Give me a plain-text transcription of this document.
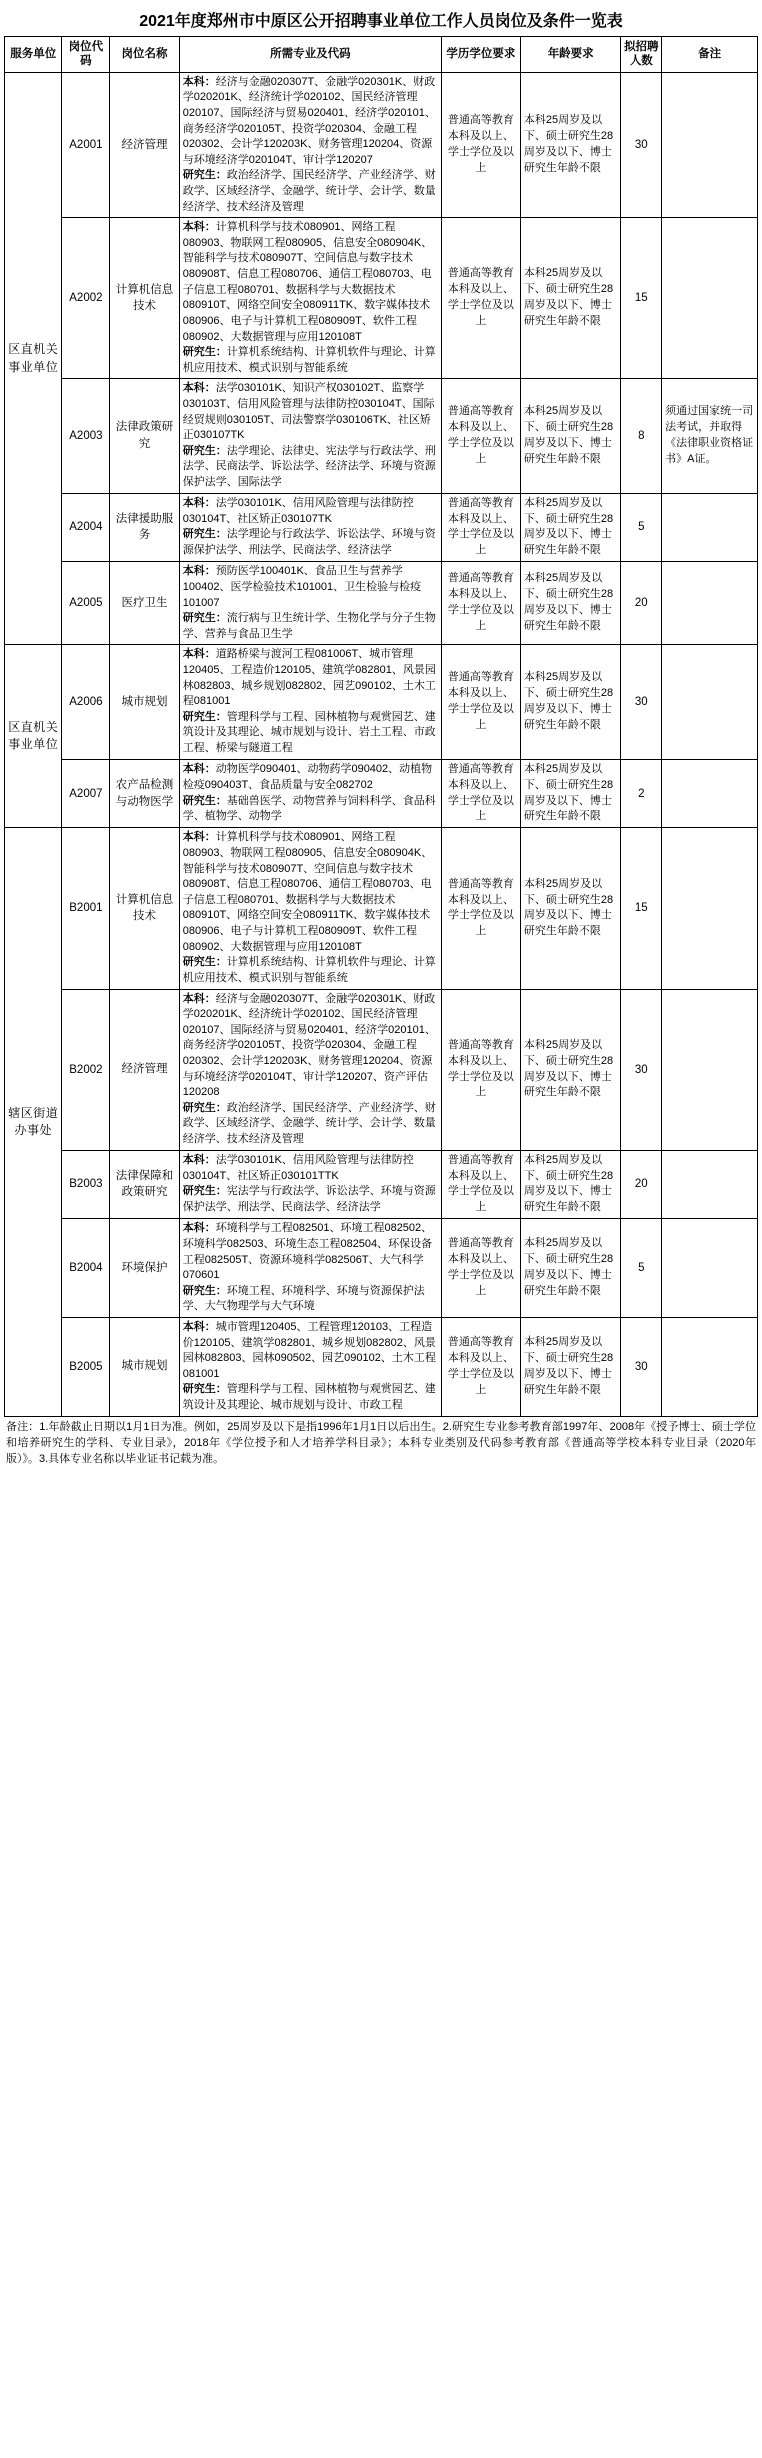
2021年度郑州市中原区公开招聘事业单位工作人员岗位及条件一览表
服务单位	岗位代码	岗位名称	所需专业及代码	学历学位要求	年龄要求	拟招聘人数	备注
区直机关事业单位	A2001	经济管理	本科：经济与金融020307T、金融学020301K、财政学020201K、经济统计学020102、国民经济管理020107、国际经济与贸易020401、经济学020101、商务经济学020105T、投资学020304、金融工程020302、会计学120203K、财务管理120204、资源与环境经济学020104T、审计学120207
研究生：政治经济学、国民经济学、产业经济学、财政学、区域经济学、金融学、统计学、会计学、数量经济学、技术经济及管理	普通高等教育本科及以上、学士学位及以上	本科25周岁及以下、硕士研究生28周岁及以下、博士研究生年龄不限	30	
	A2002	计算机信息技术	本科：计算机科学与技术080901、网络工程080903、物联网工程080905、信息安全080904K、智能科学与技术080907T、空间信息与数字技术080908T、信息工程080706、通信工程080703、电子信息工程080701、数据科学与大数据技术080910T、网络空间安全080911TK、数字媒体技术080906、电子与计算机工程080909T、软件工程080902、大数据管理与应用120108T
研究生：计算机系统结构、计算机软件与理论、计算机应用技术、模式识别与智能系统	普通高等教育本科及以上、学士学位及以上	本科25周岁及以下、硕士研究生28周岁及以下、博士研究生年龄不限	15	
	A2003	法律政策研究	本科：法学030101K、知识产权030102T、监察学030103T、信用风险管理与法律防控030104T、国际经贸规则030105T、司法警察学030106TK、社区矫正030107TK
研究生：法学理论、法律史、宪法学与行政法学、刑法学、民商法学、诉讼法学、经济法学、环境与资源保护法学、国际法学	普通高等教育本科及以上、学士学位及以上	本科25周岁及以下、硕士研究生28周岁及以下、博士研究生年龄不限	8	须通过国家统一司法考试，并取得《法律职业资格证书》A证。
	A2004	法律援助服务	本科：法学030101K、信用风险管理与法律防控030104T、社区矫正030107TK
研究生：法学理论与行政法学、诉讼法学、环境与资源保护法学、刑法学、民商法学、经济法学	普通高等教育本科及以上、学士学位及以上	本科25周岁及以下、硕士研究生28周岁及以下、博士研究生年龄不限	5	
	A2005	医疗卫生	本科：预防医学100401K、食品卫生与营养学100402、医学检验技术101001、卫生检验与检疫101007
研究生：流行病与卫生统计学、生物化学与分子生物学、营养与食品卫生学	普通高等教育本科及以上、学士学位及以上	本科25周岁及以下、硕士研究生28周岁及以下、博士研究生年龄不限	20	
区直机关事业单位	A2006	城市规划	本科：道路桥梁与渡河工程081006T、城市管理120405、工程造价120105、建筑学082801、风景园林082803、城乡规划082802、园艺090102、土木工程081001
研究生：管理科学与工程、园林植物与观赏园艺、建筑设计及其理论、城市规划与设计、岩土工程、市政工程、桥梁与隧道工程	普通高等教育本科及以上、学士学位及以上	本科25周岁及以下、硕士研究生28周岁及以下、博士研究生年龄不限	30	
	A2007	农产品检测与动物医学	本科：动物医学090401、动物药学090402、动植物检疫090403T、食品质量与安全082702
研究生：基础兽医学、动物营养与饲料科学、食品科学、植物学、动物学	普通高等教育本科及以上、学士学位及以上	本科25周岁及以下、硕士研究生28周岁及以下、博士研究生年龄不限	2	
辖区街道办事处	B2001	计算机信息技术	本科：计算机科学与技术080901、网络工程080903、物联网工程080905、信息安全080904K、智能科学与技术080907T、空间信息与数字技术080908T、信息工程080706、通信工程080703、电子信息工程080701、数据科学与大数据技术080910T、网络空间安全080911TK、数字媒体技术080906、电子与计算机工程080909T、软件工程080902、大数据管理与应用120108T
研究生：计算机系统结构、计算机软件与理论、计算机应用技术、模式识别与智能系统	普通高等教育本科及以上、学士学位及以上	本科25周岁及以下、硕士研究生28周岁及以下、博士研究生年龄不限	15	
	B2002	经济管理	本科：经济与金融020307T、金融学020301K、财政学020201K、经济统计学020102、国民经济管理020107、国际经济与贸易020401、经济学020101、商务经济学020105T、投资学020304、金融工程020302、会计学120203K、财务管理120204、资源与环境经济学020104T、审计学120207、资产评估120208
研究生：政治经济学、国民经济学、产业经济学、财政学、区域经济学、金融学、统计学、会计学、数量经济学、技术经济及管理	普通高等教育本科及以上、学士学位及以上	本科25周岁及以下、硕士研究生28周岁及以下、博士研究生年龄不限	30	
	B2003	法律保障和政策研究	本科：法学030101K、信用风险管理与法律防控030104T、社区矫正030101TTK
研究生：宪法学与行政法学、诉讼法学、环境与资源保护法学、刑法学、民商法学、经济法学	普通高等教育本科及以上、学士学位及以上	本科25周岁及以下、硕士研究生28周岁及以下、博士研究生年龄不限	20	
	B2004	环境保护	本科：环境科学与工程082501、环境工程082502、环境科学082503、环境生态工程082504、环保设备工程082505T、资源环境科学082506T、大气科学070601
研究生：环境工程、环境科学、环境与资源保护法学、大气物理学与大气环境	普通高等教育本科及以上、学士学位及以上	本科25周岁及以下、硕士研究生28周岁及以下、博士研究生年龄不限	5	
	B2005	城市规划	本科：城市管理120405、工程管理120103、工程造价120105、建筑学082801、城乡规划082802、风景园林082803、园林090502、园艺090102、土木工程081001
研究生：管理科学与工程、园林植物与观赏园艺、建筑设计及其理论、城市规划与设计、市政工程	普通高等教育本科及以上、学士学位及以上	本科25周岁及以下、硕士研究生28周岁及以下、博士研究生年龄不限	30	
备注：1.年龄截止日期以1月1日为准。例如，25周岁及以下是指1996年1月1日以后出生。2.研究生专业参考教育部1997年、2008年《授予博士、硕士学位和培养研究生的学科、专业目录》，2018年《学位授予和人才培养学科目录》；本科专业类别及代码参考教育部《普通高等学校本科专业目录（2020年版）》。3.具体专业名称以毕业证书记载为准。
